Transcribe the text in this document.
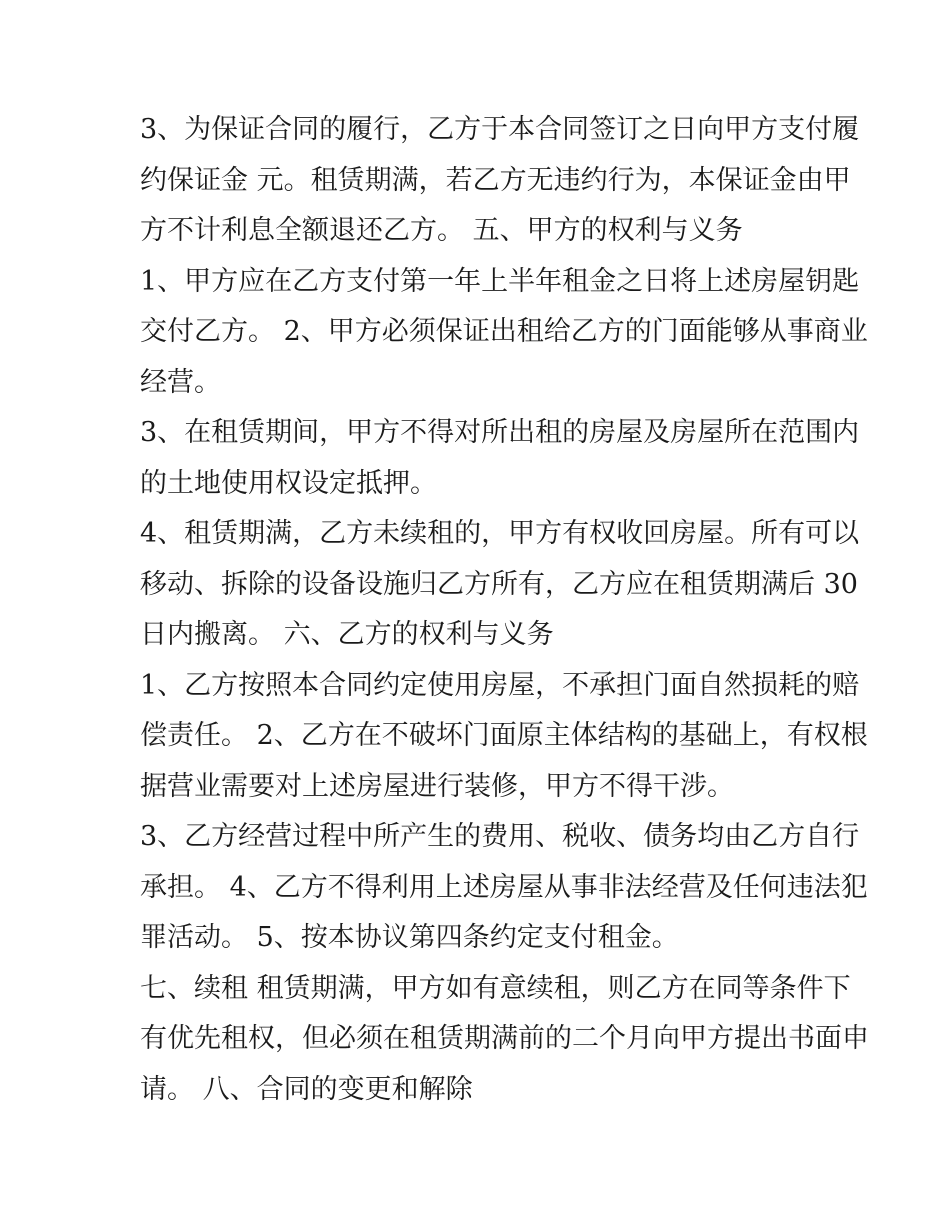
3、为保证合同的履行，乙方于本合同签订之日向甲方支付履
约保证金 元。租赁期满，若乙方无违约行为，本保证金由甲
方不计利息全额退还乙方。 五、甲方的权利与义务
1、甲方应在乙方支付第一年上半年租金之日将上述房屋钥匙
交付乙方。 2、甲方必须保证出租给乙方的门面能够从事商业
经营。
3、在租赁期间，甲方不得对所出租的房屋及房屋所在范围内
的土地使用权设定抵押。
4、租赁期满，乙方未续租的，甲方有权收回房屋。所有可以
移动、拆除的设备设施归乙方所有，乙方应在租赁期满后 30
日内搬离。 六、乙方的权利与义务
1、乙方按照本合同约定使用房屋，不承担门面自然损耗的赔
偿责任。 2、乙方在不破坏门面原主体结构的基础上，有权根
据营业需要对上述房屋进行装修，甲方不得干涉。
3、乙方经营过程中所产生的费用、税收、债务均由乙方自行
承担。 4、乙方不得利用上述房屋从事非法经营及任何违法犯
罪活动。 5、按本协议第四条约定支付租金。
七、续租 租赁期满，甲方如有意续租，则乙方在同等条件下
有优先租权，但必须在租赁期满前的二个月向甲方提出书面申
请。 八、合同的变更和解除
